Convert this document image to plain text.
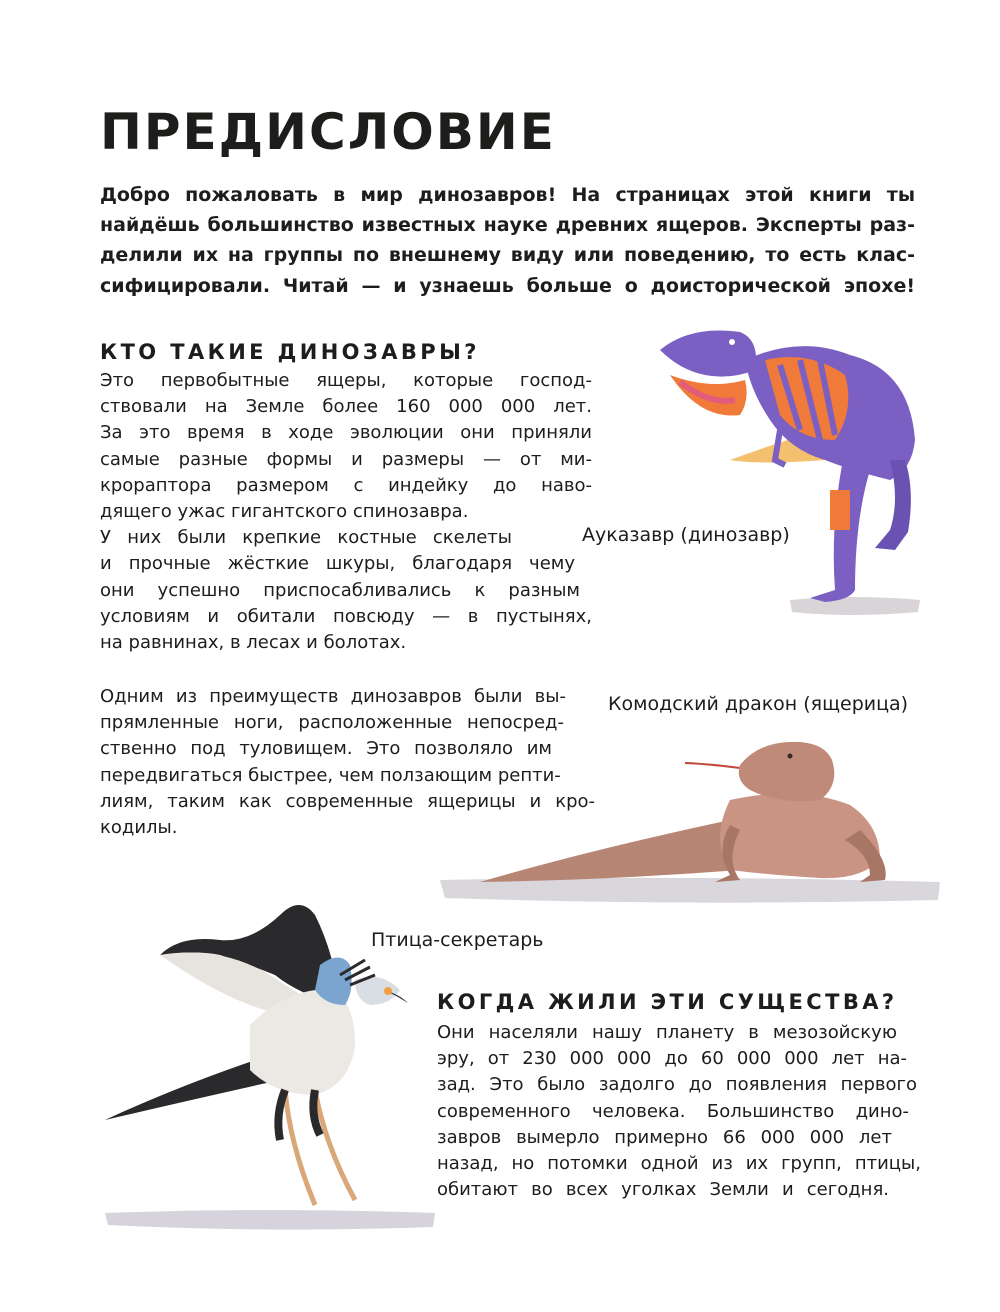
ПРЕДИСЛОВИЕ
Добро пожаловать в мир динозавров! На страницах этой книги ты
найдёшь большинство известных науке древних ящеров. Эксперты раз-
делили их на группы по внешнему виду или поведению, то есть клас-
сифицировали. Читай — и узнаешь больше о доисторической эпохе!
КТО ТАКИЕ ДИНОЗАВРЫ?
Это первобытные ящеры, которые господ-
ствовали на Земле более 160 000 000 лет.
За это время в ходе эволюции они приняли
самые разные формы и размеры — от ми-
крораптора размером с индейку до наво-
дящего ужас гигантского спинозавра.
У них были крепкие костные скелеты
и прочные жёсткие шкуры, благодаря чему
они успешно приспосабливались к разным
условиям и обитали повсюду — в пустынях,
на равнинах, в лесах и болотах.
Одним из преимуществ динозавров были вы-
прямленные ноги, расположенные непосред-
ственно под туловищем. Это позволяло им
передвигаться быстрее, чем ползающим репти-
лиям, таким как современные ящерицы и кро-
кодилы.
КОГДА ЖИЛИ ЭТИ СУЩЕСТВА?
Они населяли нашу планету в мезозойскую
эру, от 230 000 000 до 60 000 000 лет на-
зад. Это было задолго до появления первого
современного человека. Большинство дино-
завров вымерло примерно 66 000 000 лет
назад, но потомки одной из их групп, птицы,
обитают во всех уголках Земли и сегодня.
Ауказавр (динозавр)
Комодский дракон (ящерица)
Птица-секретарь
